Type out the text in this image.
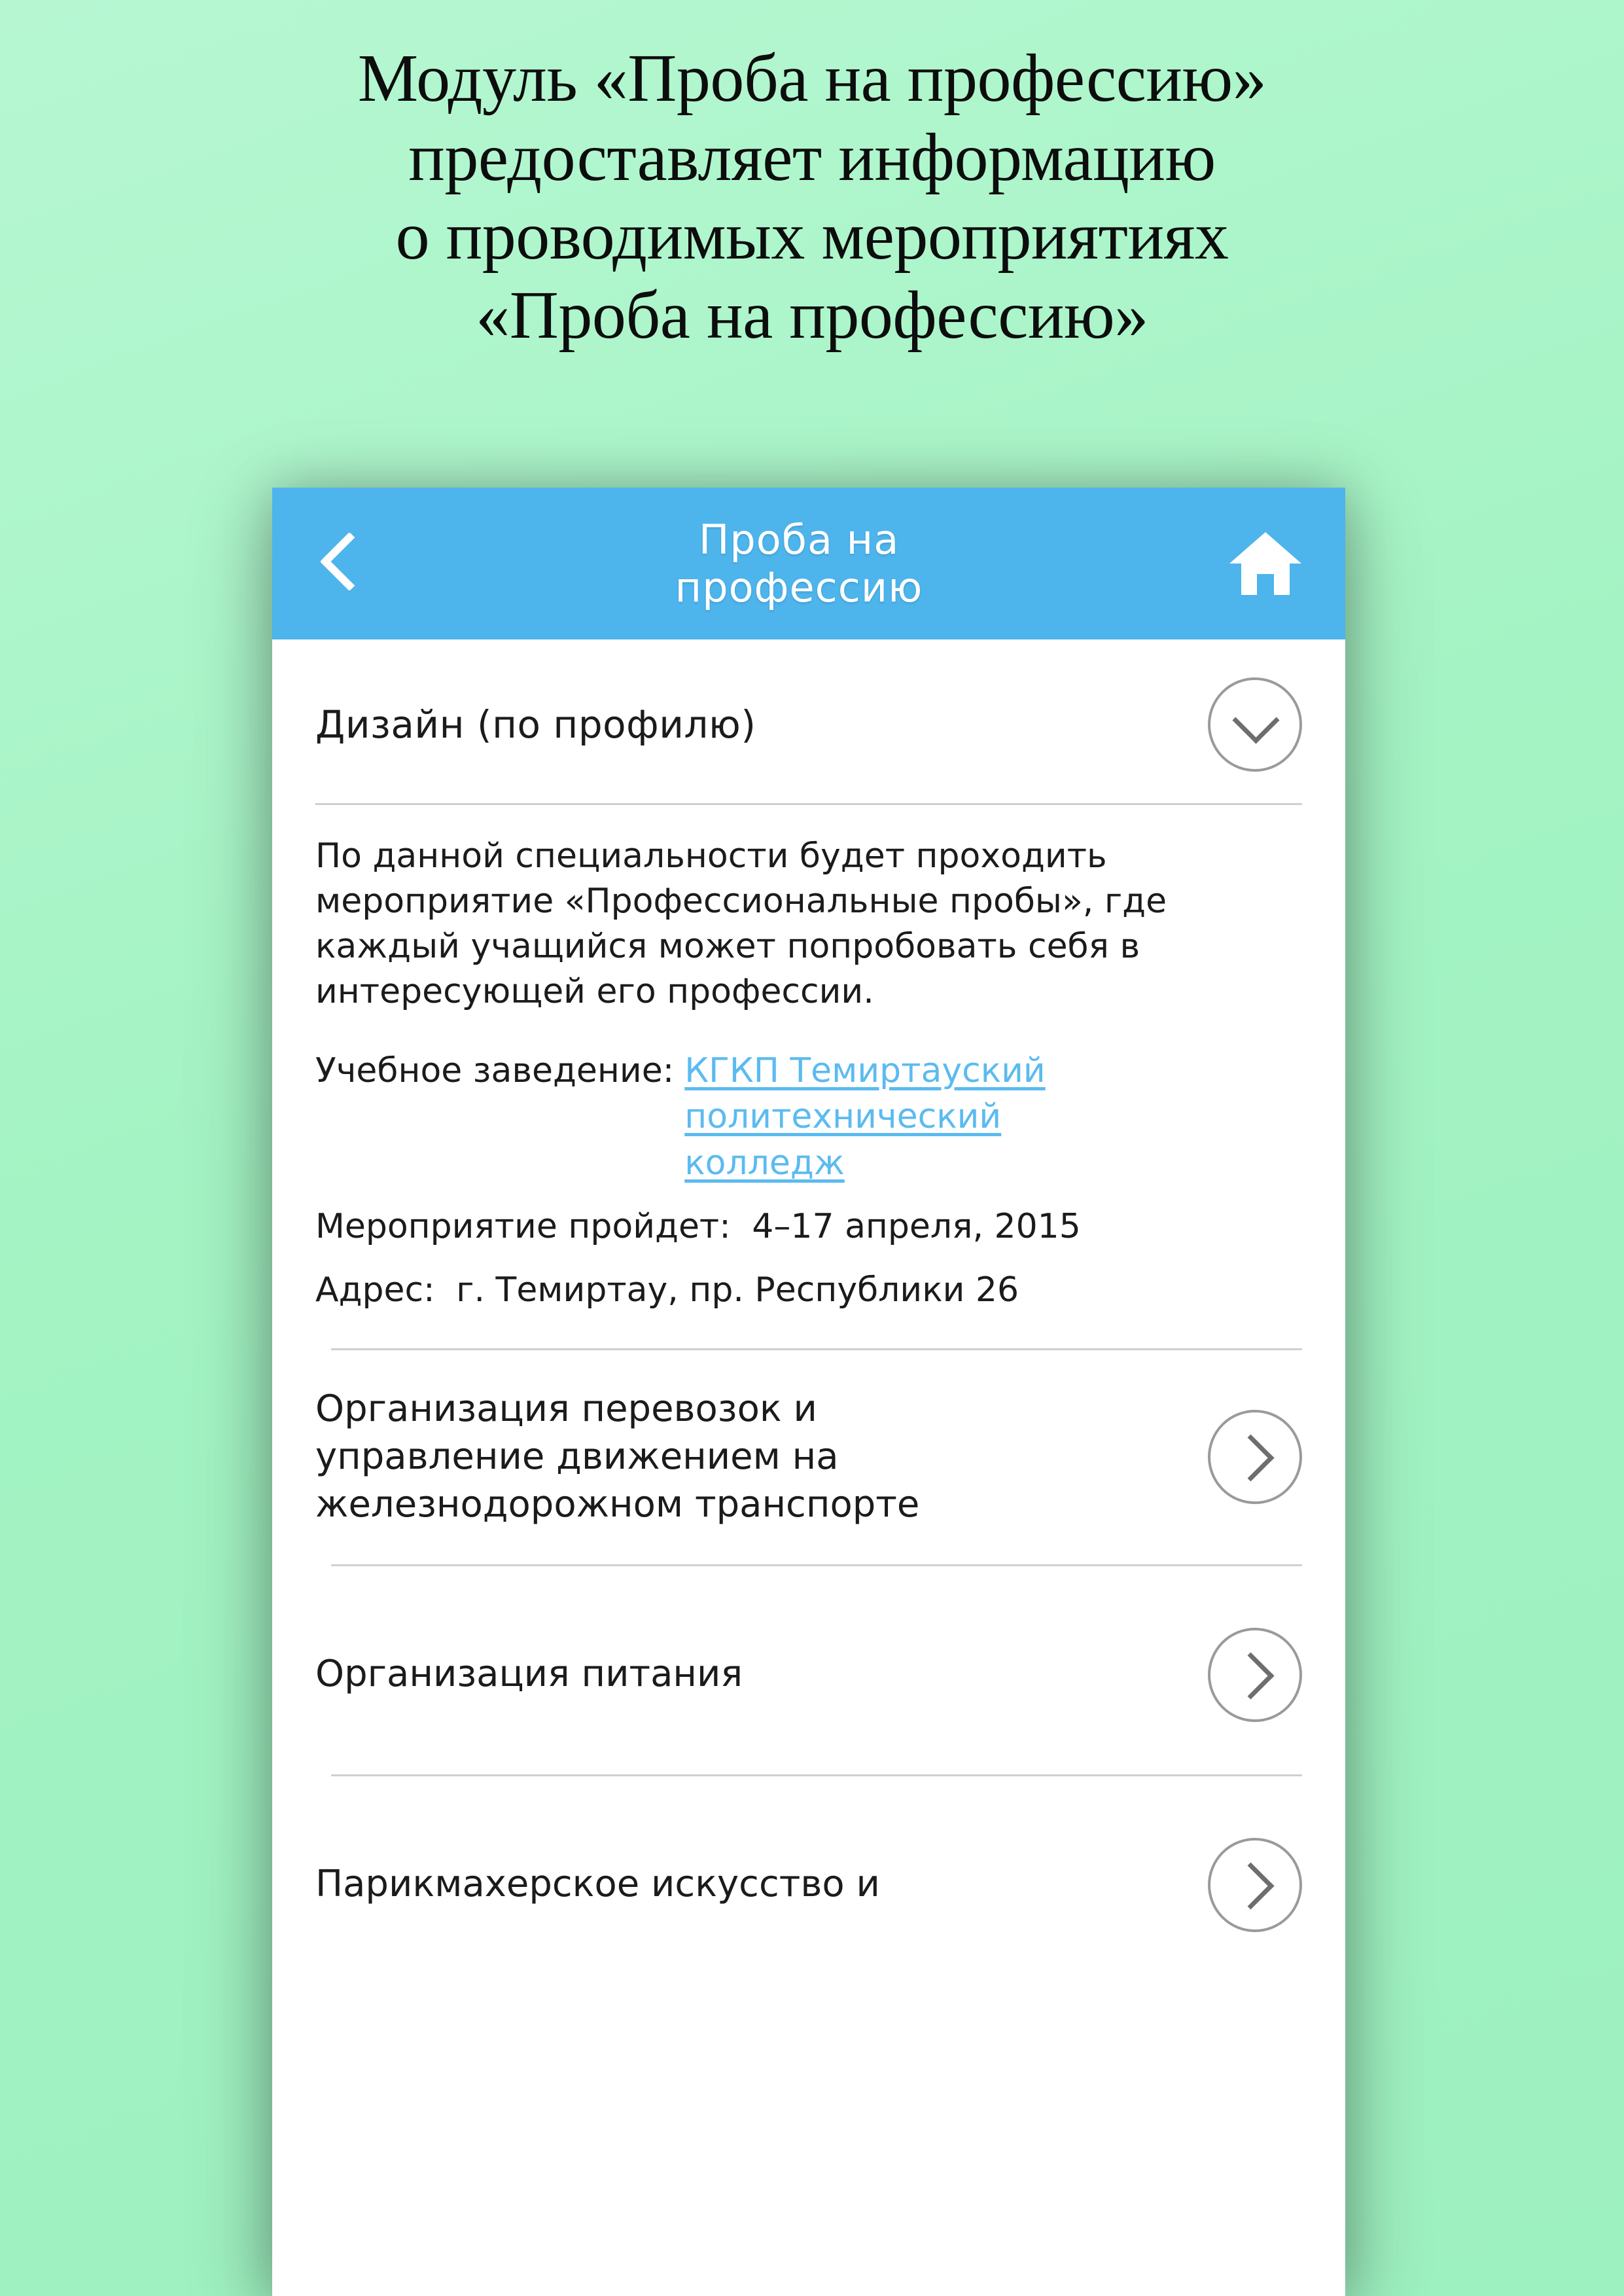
Модуль «Проба на профессию»
предоставляет информацию
о проводимых мероприятиях
«Проба на профессию»
Проба на
профессию
Дизайн (по профилю)

По данной специальности будет проходить мероприятие «Профессиональные пробы», где каждый учащийся может попробовать себя в интересующей его профессии.

Учебное заведение: КГКП Темиртауский
политехнический
колледж
Мероприятие пройдет: 4–17 апреля, 2015
Адрес: г. Темиртау, пр. Республики 26
Организация перевозок и управление движением на железнодорожном транспорте
Организация питания
Парикмахерское искусство и
